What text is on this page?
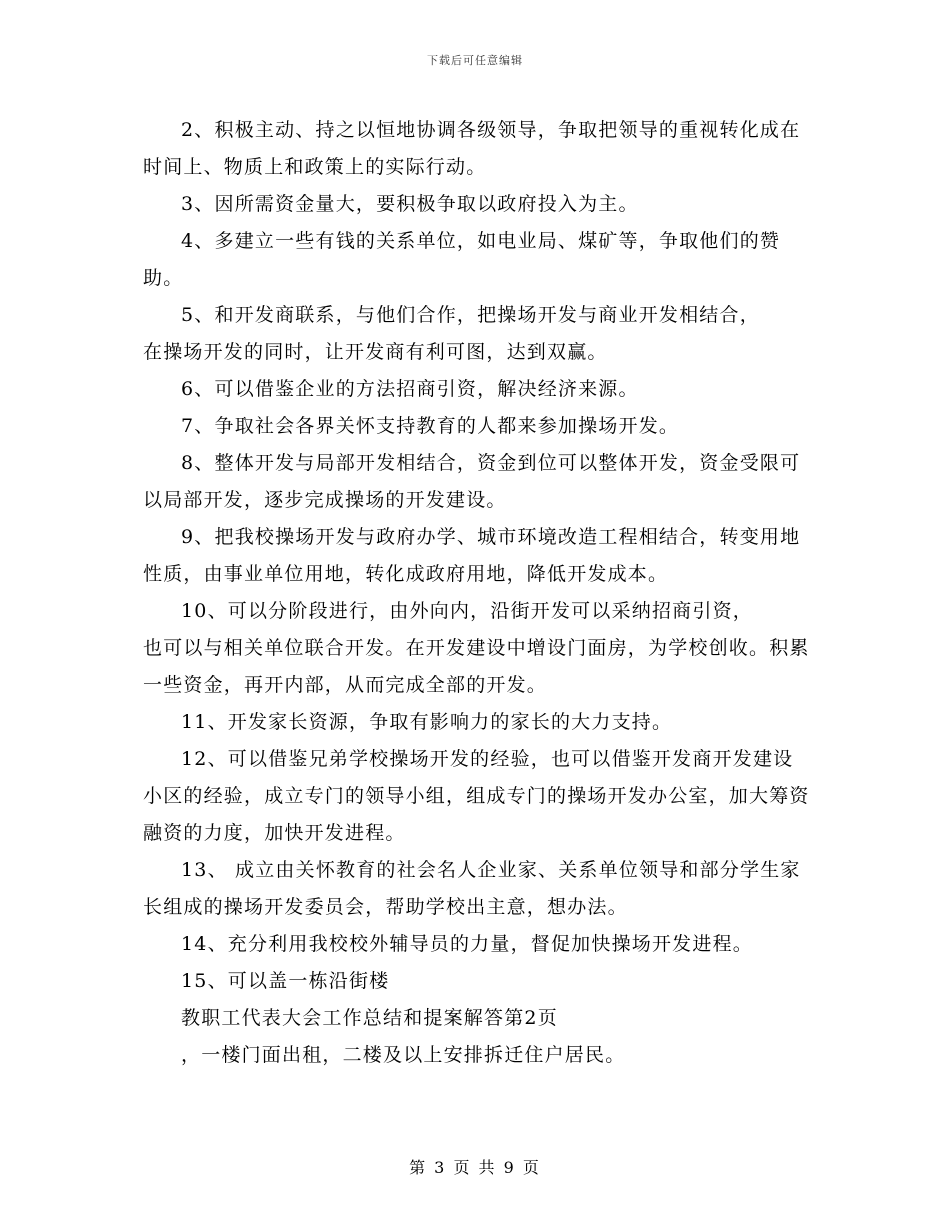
下载后可任意编辑

2、积极主动、持之以恒地协调各级领导，争取把领导的重视转化成在时间上、物质上和政策上的实际行动。

3、因所需资金量大，要积极争取以政府投入为主。

4、多建立一些有钱的关系单位，如电业局、煤矿等，争取他们的赞助。

5、和开发商联系，与他们合作，把操场开发与商业开发相结合，

在操场开发的同时，让开发商有利可图，达到双赢。

6、可以借鉴企业的方法招商引资，解决经济来源。

7、争取社会各界关怀支持教育的人都来参加操场开发。

8、整体开发与局部开发相结合，资金到位可以整体开发，资金受限可以局部开发，逐步完成操场的开发建设。

9、把我校操场开发与政府办学、城市环境改造工程相结合，转变用地性质，由事业单位用地，转化成政府用地，降低开发成本。

10、可以分阶段进行，由外向内，沿街开发可以采纳招商引资，

也可以与相关单位联合开发。在开发建设中增设门面房，为学校创收。积累一些资金，再开内部，从而完成全部的开发。

11、开发家长资源，争取有影响力的家长的大力支持。

12、可以借鉴兄弟学校操场开发的经验，也可以借鉴开发商开发建设小区的经验，成立专门的领导小组，组成专门的操场开发办公室，加大筹资融资的力度，加快开发进程。

13、 成立由关怀教育的社会名人企业家、关系单位领导和部分学生家长组成的操场开发委员会，帮助学校出主意，想办法。

14、充分利用我校校外辅导员的力量，督促加快操场开发进程。

15、可以盖一栋沿街楼

教职工代表大会工作总结和提案解答第2页

，一楼门面出租，二楼及以上安排拆迁住户居民。

第 3 页 共 9 页
